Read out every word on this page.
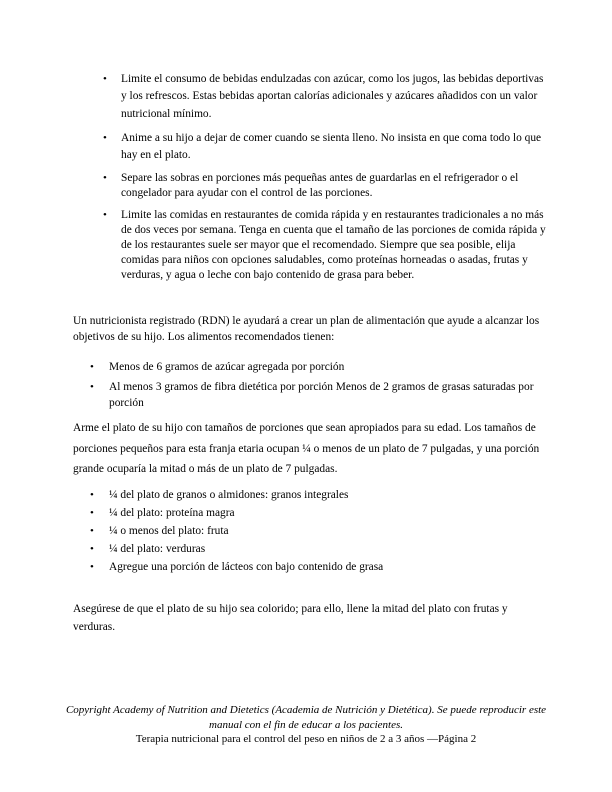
• Limite el consumo de bebidas endulzadas con azúcar, como los jugos, las bebidas deportivas y los refrescos. Estas bebidas aportan calorías adicionales y azúcares añadidos con un valor nutricional mínimo.
• Anime a su hijo a dejar de comer cuando se sienta lleno. No insista en que coma todo lo que hay en el plato.
• Separe las sobras en porciones más pequeñas antes de guardarlas en el refrigerador o el congelador para ayudar con el control de las porciones.
• Limite las comidas en restaurantes de comida rápida y en restaurantes tradicionales a no más de dos veces por semana. Tenga en cuenta que el tamaño de las porciones de comida rápida y de los restaurantes suele ser mayor que el recomendado. Siempre que sea posible, elija comidas para niños con opciones saludables, como proteínas horneadas o asadas, frutas y verduras, y agua o leche con bajo contenido de grasa para beber.

Un nutricionista registrado (RDN) le ayudará a crear un plan de alimentación que ayude a alcanzar los objetivos de su hijo. Los alimentos recomendados tienen:

• Menos de 6 gramos de azúcar agregada por porción
• Al menos 3 gramos de fibra dietética por porción Menos de 2 gramos de grasas saturadas por porción

Arme el plato de su hijo con tamaños de porciones que sean apropiados para su edad. Los tamaños de porciones pequeños para esta franja etaria ocupan ¼ o menos de un plato de 7 pulgadas, y una porción grande ocuparía la mitad o más de un plato de 7 pulgadas.

• ¼ del plato de granos o almidones: granos integrales
• ¼ del plato: proteína magra
• ¼ o menos del plato: fruta
• ¼ del plato: verduras
• Agregue una porción de lácteos con bajo contenido de grasa

Asegúrese de que el plato de su hijo sea colorido; para ello, llene la mitad del plato con frutas y verduras.

Copyright Academy of Nutrition and Dietetics (Academia de Nutrición y Dietética). Se puede reproducir este manual con el fin de educar a los pacientes.
Terapia nutricional para el control del peso en niños de 2 a 3 años —Página 2
